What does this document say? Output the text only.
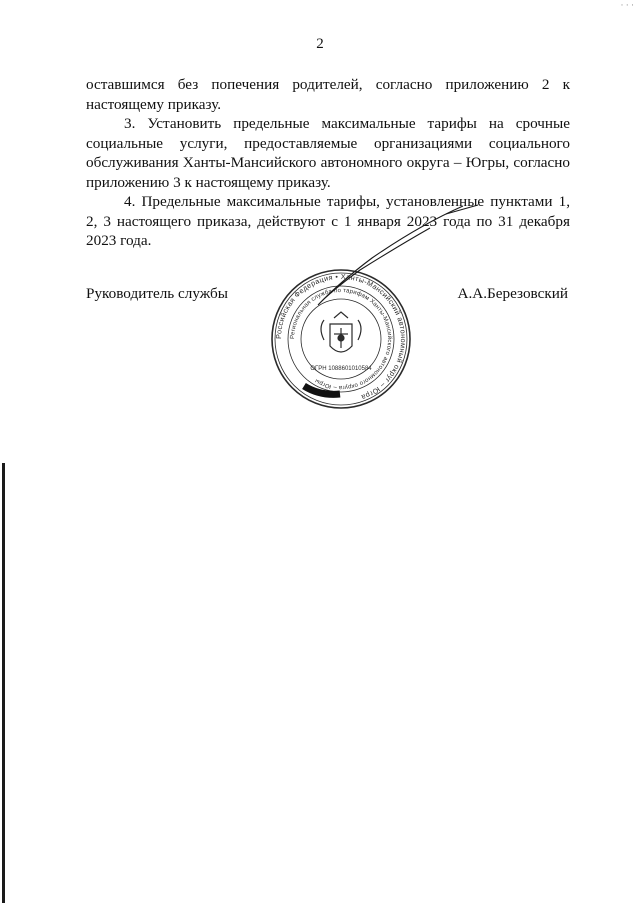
· · ·
2

оставшимся без попечения родителей, согласно приложению 2 к настоящему приказу.

3. Установить предельные максимальные тарифы на срочные социальные услуги, предоставляемые организациями социального обслуживания Ханты-Мансийского автономного округа – Югры, согласно приложению 3 к настоящему приказу.

4. Предельные максимальные тарифы, установленные пунктами 1, 2, 3 настоящего приказа, действуют с 1 января 2023 года по 31 декабря 2023 года.

Руководитель службы	А.А.Березовский
Российская Федерация • Ханты-Мансийский автономный округ – Югра
Региональная служба по тарифам Ханты-Мансийского автономного округа – Югры
ОГРН 1088601010584
